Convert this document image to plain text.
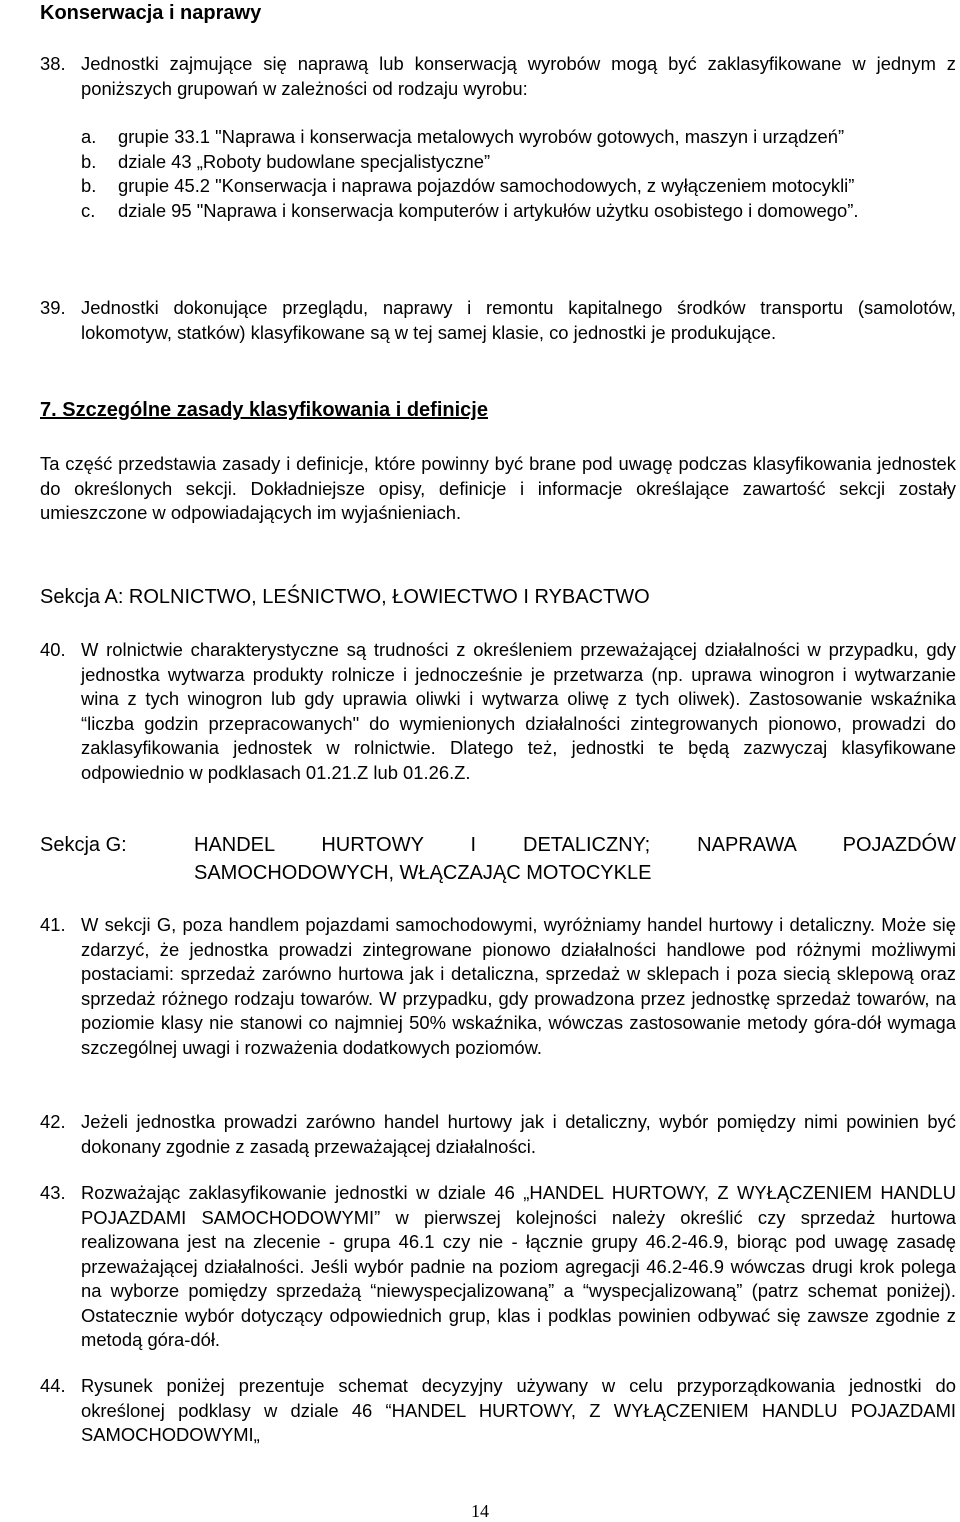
Konserwacja i naprawy
38. Jednostki zajmujące się naprawą lub konserwacją wyrobów mogą być zaklasyfikowane w jednym z poniższych grupowań w zależności od rodzaju wyrobu:
a. grupie 33.1 "Naprawa i konserwacja metalowych wyrobów gotowych, maszyn i urządzeń”
b. dziale 43 „Roboty budowlane specjalistyczne”
b. grupie 45.2 "Konserwacja i naprawa pojazdów samochodowych, z wyłączeniem motocykli”
c. dziale 95 "Naprawa i konserwacja komputerów i artykułów użytku osobistego i domowego”.
39. Jednostki dokonujące przeglądu, naprawy i remontu kapitalnego środków transportu (samolotów, lokomotyw, statków) klasyfikowane są w tej samej klasie, co jednostki je produkujące.
7. Szczególne zasady klasyfikowania i definicje
Ta część przedstawia zasady i definicje, które powinny być brane pod uwagę podczas klasyfikowania jednostek do określonych sekcji. Dokładniejsze opisy, definicje i informacje określające zawartość sekcji zostały umieszczone w odpowiadających im wyjaśnieniach.
Sekcja A: ROLNICTWO, LEŚNICTWO, ŁOWIECTWO I RYBACTWO
40. W rolnictwie charakterystyczne są trudności z określeniem przeważającej działalności w przypadku, gdy jednostka wytwarza produkty rolnicze i jednocześnie je przetwarza (np. uprawa winogron i wytwarzanie wina z tych winogron lub gdy uprawia oliwki i wytwarza oliwę z tych oliwek). Zastosowanie wskaźnika “liczba godzin przepracowanych" do wymienionych działalności zintegrowanych pionowo, prowadzi do zaklasyfikowania jednostek w rolnictwie. Dlatego też, jednostki te będą zazwyczaj klasyfikowane odpowiednio w podklasach 01.21.Z lub 01.26.Z.
Sekcja G:	HANDEL HURTOWY I DETALICZNY; NAPRAWA POJAZDÓW
SAMOCHODOWYCH, WŁĄCZAJĄC MOTOCYKLE
41. W sekcji G, poza handlem pojazdami samochodowymi, wyróżniamy handel hurtowy i detaliczny. Może się zdarzyć, że jednostka prowadzi zintegrowane pionowo działalności handlowe pod różnymi możliwymi postaciami: sprzedaż zarówno hurtowa jak i detaliczna, sprzedaż w sklepach i poza siecią sklepową oraz sprzedaż różnego rodzaju towarów. W przypadku, gdy prowadzona przez jednostkę sprzedaż towarów, na poziomie klasy nie stanowi co najmniej 50% wskaźnika, wówczas zastosowanie metody góra-dół wymaga szczególnej uwagi i rozważenia dodatkowych poziomów.
42. Jeżeli jednostka prowadzi zarówno handel hurtowy jak i detaliczny, wybór pomiędzy nimi powinien być dokonany zgodnie z zasadą przeważającej działalności.
43. Rozważając zaklasyfikowanie jednostki w dziale 46 „HANDEL HURTOWY, Z WYŁĄCZENIEM HANDLU POJAZDAMI SAMOCHODOWYMI” w pierwszej kolejności należy określić czy sprzedaż hurtowa realizowana jest na zlecenie - grupa 46.1 czy nie - łącznie grupy 46.2-46.9, biorąc pod uwagę zasadę przeważającej działalności. Jeśli wybór padnie na poziom agregacji 46.2-46.9 wówczas drugi krok polega na wyborze pomiędzy sprzedażą “niewyspecjalizowaną” a “wyspecjalizowaną” (patrz schemat poniżej). Ostatecznie wybór dotyczący odpowiednich grup, klas i podklas powinien odbywać się zawsze zgodnie z metodą góra-dół.
44. Rysunek poniżej prezentuje schemat decyzyjny używany w celu przyporządkowania jednostki do określonej podklasy w dziale 46 “HANDEL HURTOWY, Z WYŁĄCZENIEM HANDLU POJAZDAMI SAMOCHODOWYMI„
14
